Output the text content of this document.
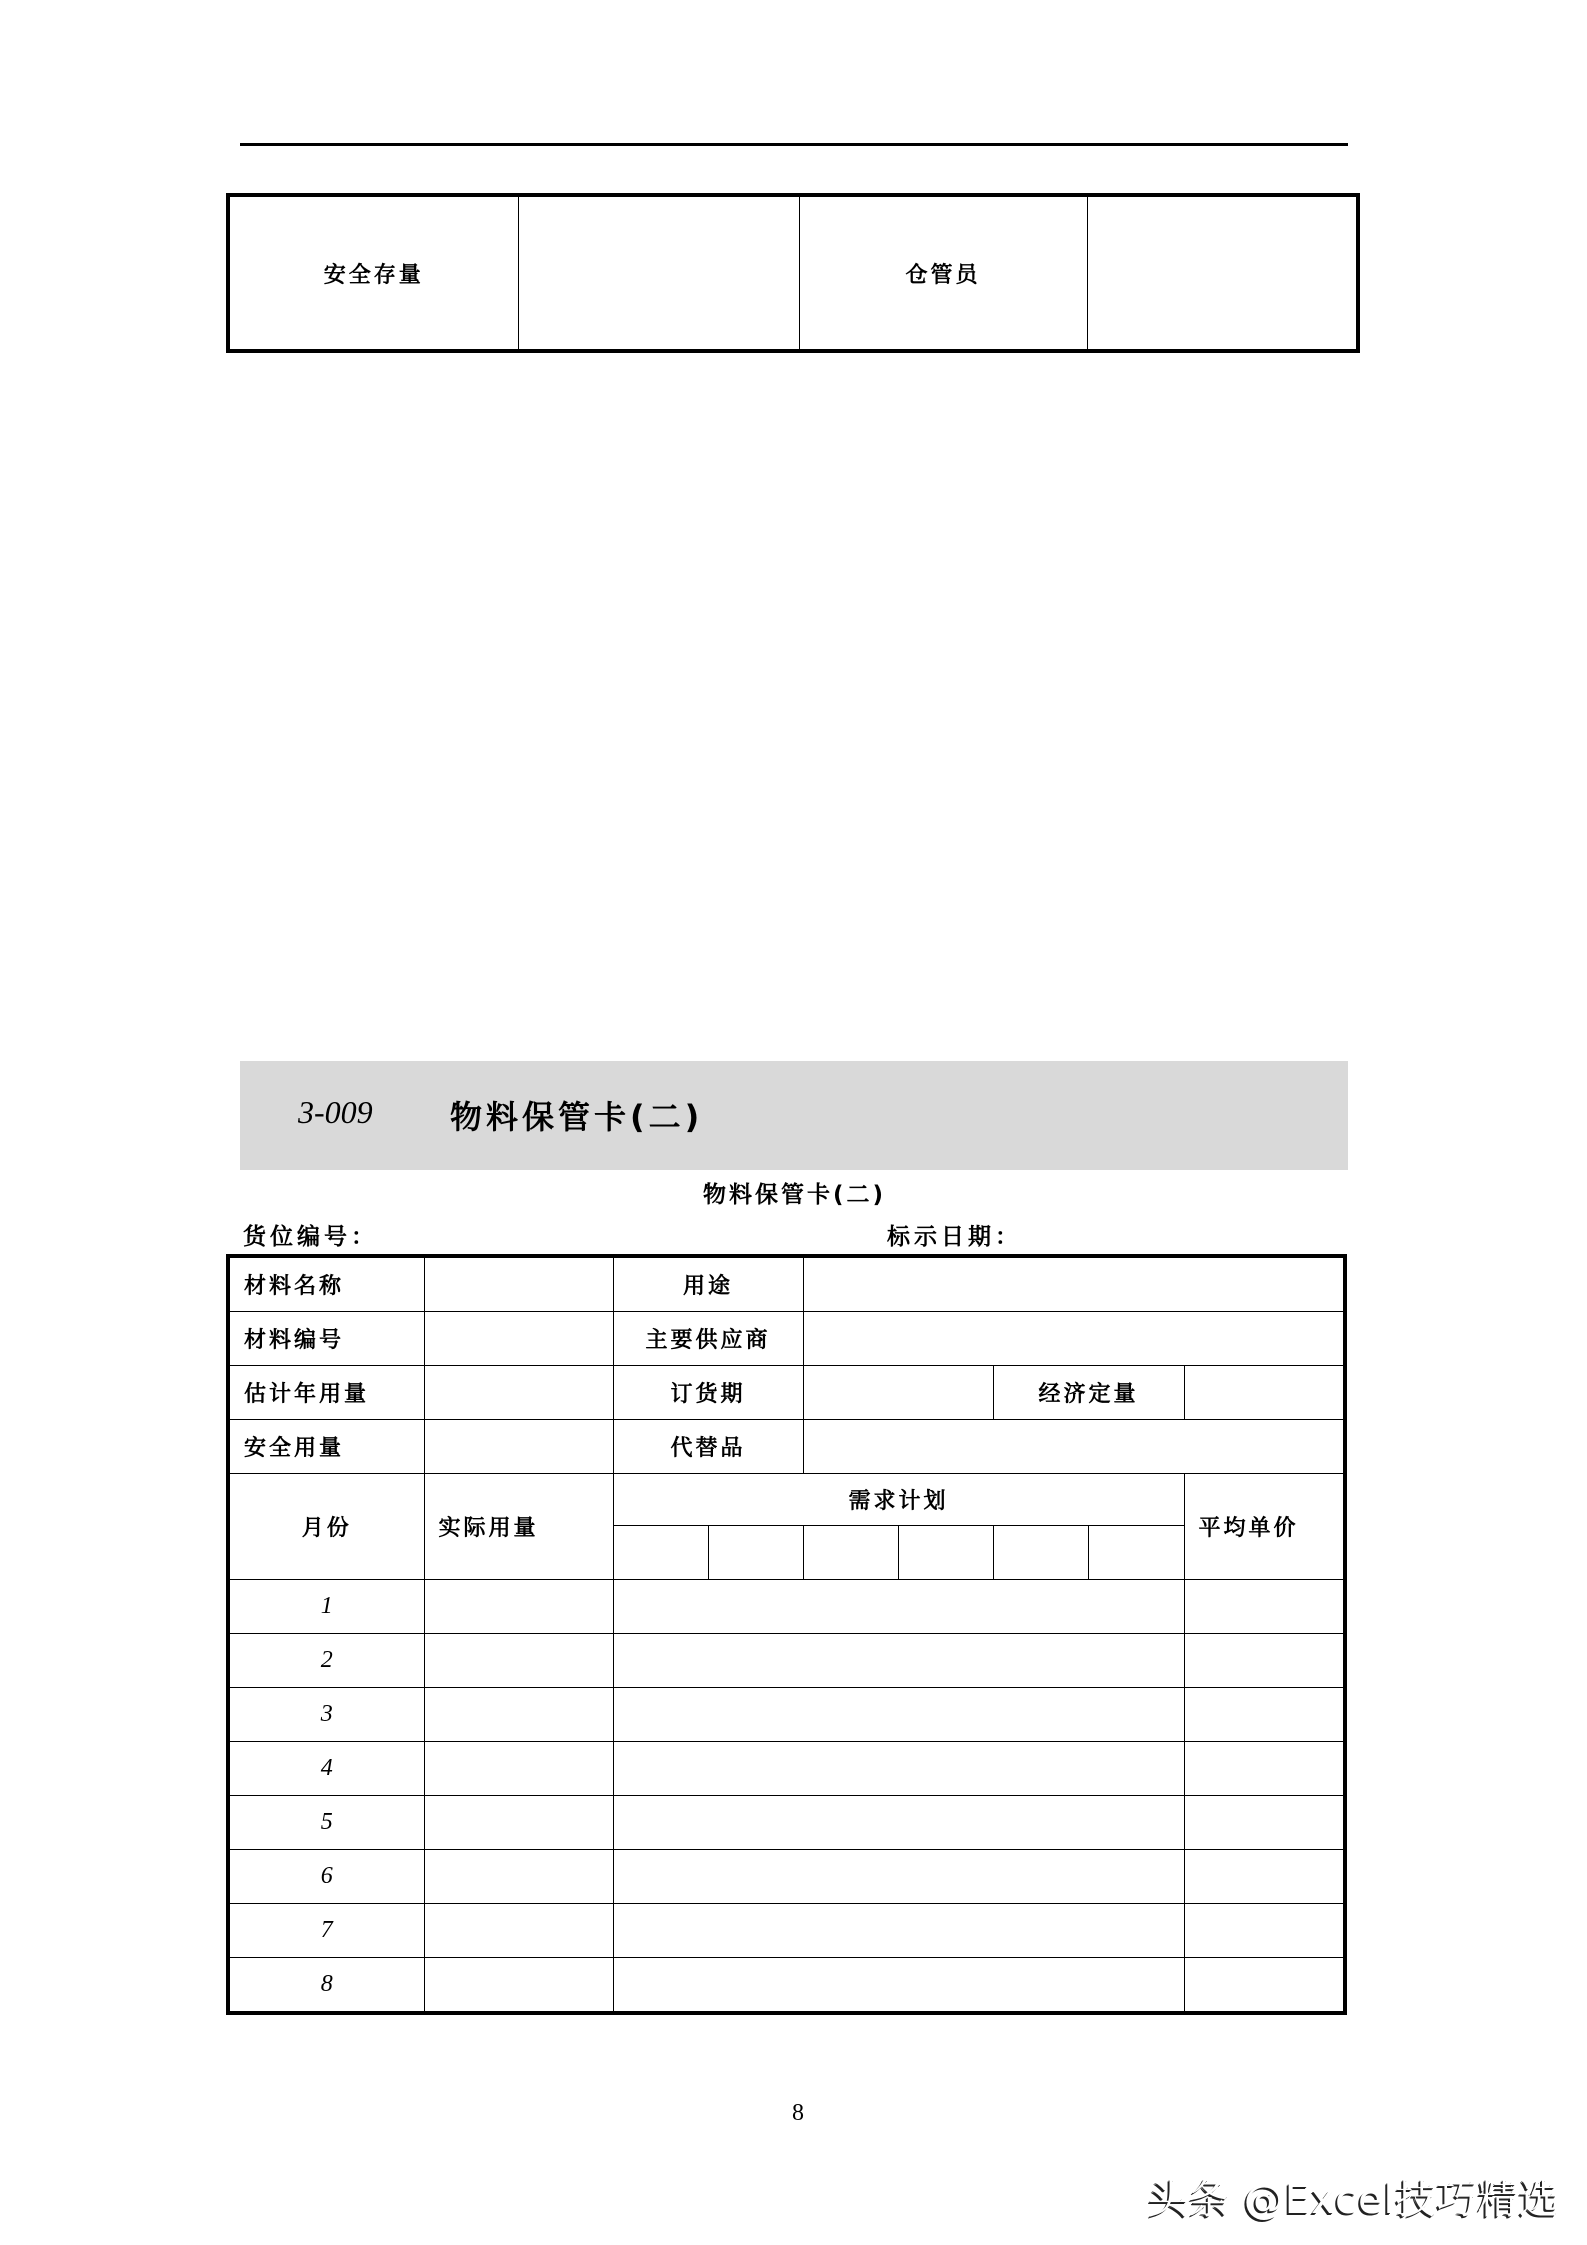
安全存量		仓管员	
3-009 物料保管卡(二)
物料保管卡(二)
货位编号：	标示日期：
材料名称		用途						
材料编号		主要供应商						
估计年用量		订货期				经济定量		
安全用量		代替品						
月份	实际用量	需求计划						平均单价

1								
2								
3								
4								
5								
6								
7								
8								
8
头条 @Excel技巧精选
